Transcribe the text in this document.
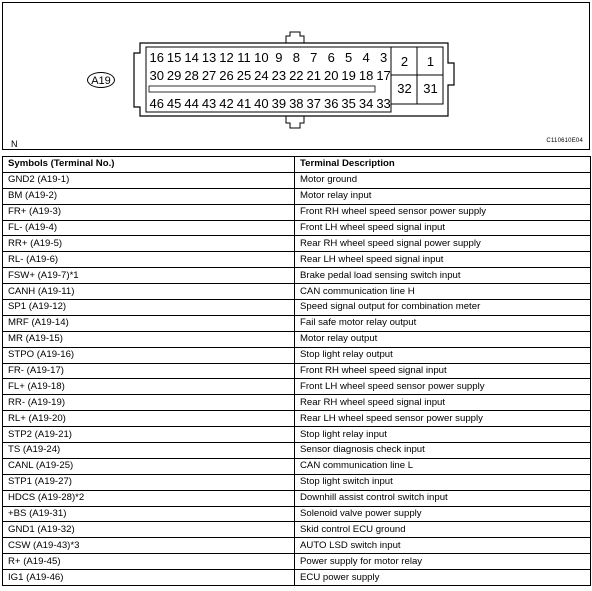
A19
N	C110610E04
16 15 14 13 12 11 10 9 8 7 6 5 4 3
30 29 28 27 26 25 24 23 22 21 20 19 18 17
46 45 44 43 42 41 40 39 38 37 36 35 34 33
2	1
32 31
Symbols (Terminal No.)	Terminal Description
GND2 (A19-1)	Motor ground
BM (A19-2)	Motor relay input
FR+ (A19-3)	Front RH wheel speed sensor power supply
FL- (A19-4)	Front LH wheel speed signal input
RR+ (A19-5)	Rear RH wheel speed signal power supply
RL- (A19-6)	Rear LH wheel speed signal input
FSW+ (A19-7)*1	Brake pedal load sensing switch input
CANH (A19-11)	CAN communication line H
SP1 (A19-12)	Speed signal output for combination meter
MRF (A19-14)	Fail safe motor relay output
MR (A19-15)	Motor relay output
STPO (A19-16)	Stop light relay output
FR- (A19-17)	Front RH wheel speed signal input
FL+ (A19-18)	Front LH wheel speed sensor power supply
RR- (A19-19)	Rear RH wheel speed signal input
RL+ (A19-20)	Rear LH wheel speed sensor power supply
STP2 (A19-21)	Stop light relay input
TS (A19-24)	Sensor diagnosis check input
CANL (A19-25)	CAN communication line L
STP1 (A19-27)	Stop light switch input
HDCS (A19-28)*2	Downhill assist control switch input
+BS (A19-31)	Solenoid valve power supply
GND1 (A19-32)	Skid control ECU ground
CSW (A19-43)*3	AUTO LSD switch input
R+ (A19-45)	Power supply for motor relay
IG1 (A19-46)	ECU power supply
